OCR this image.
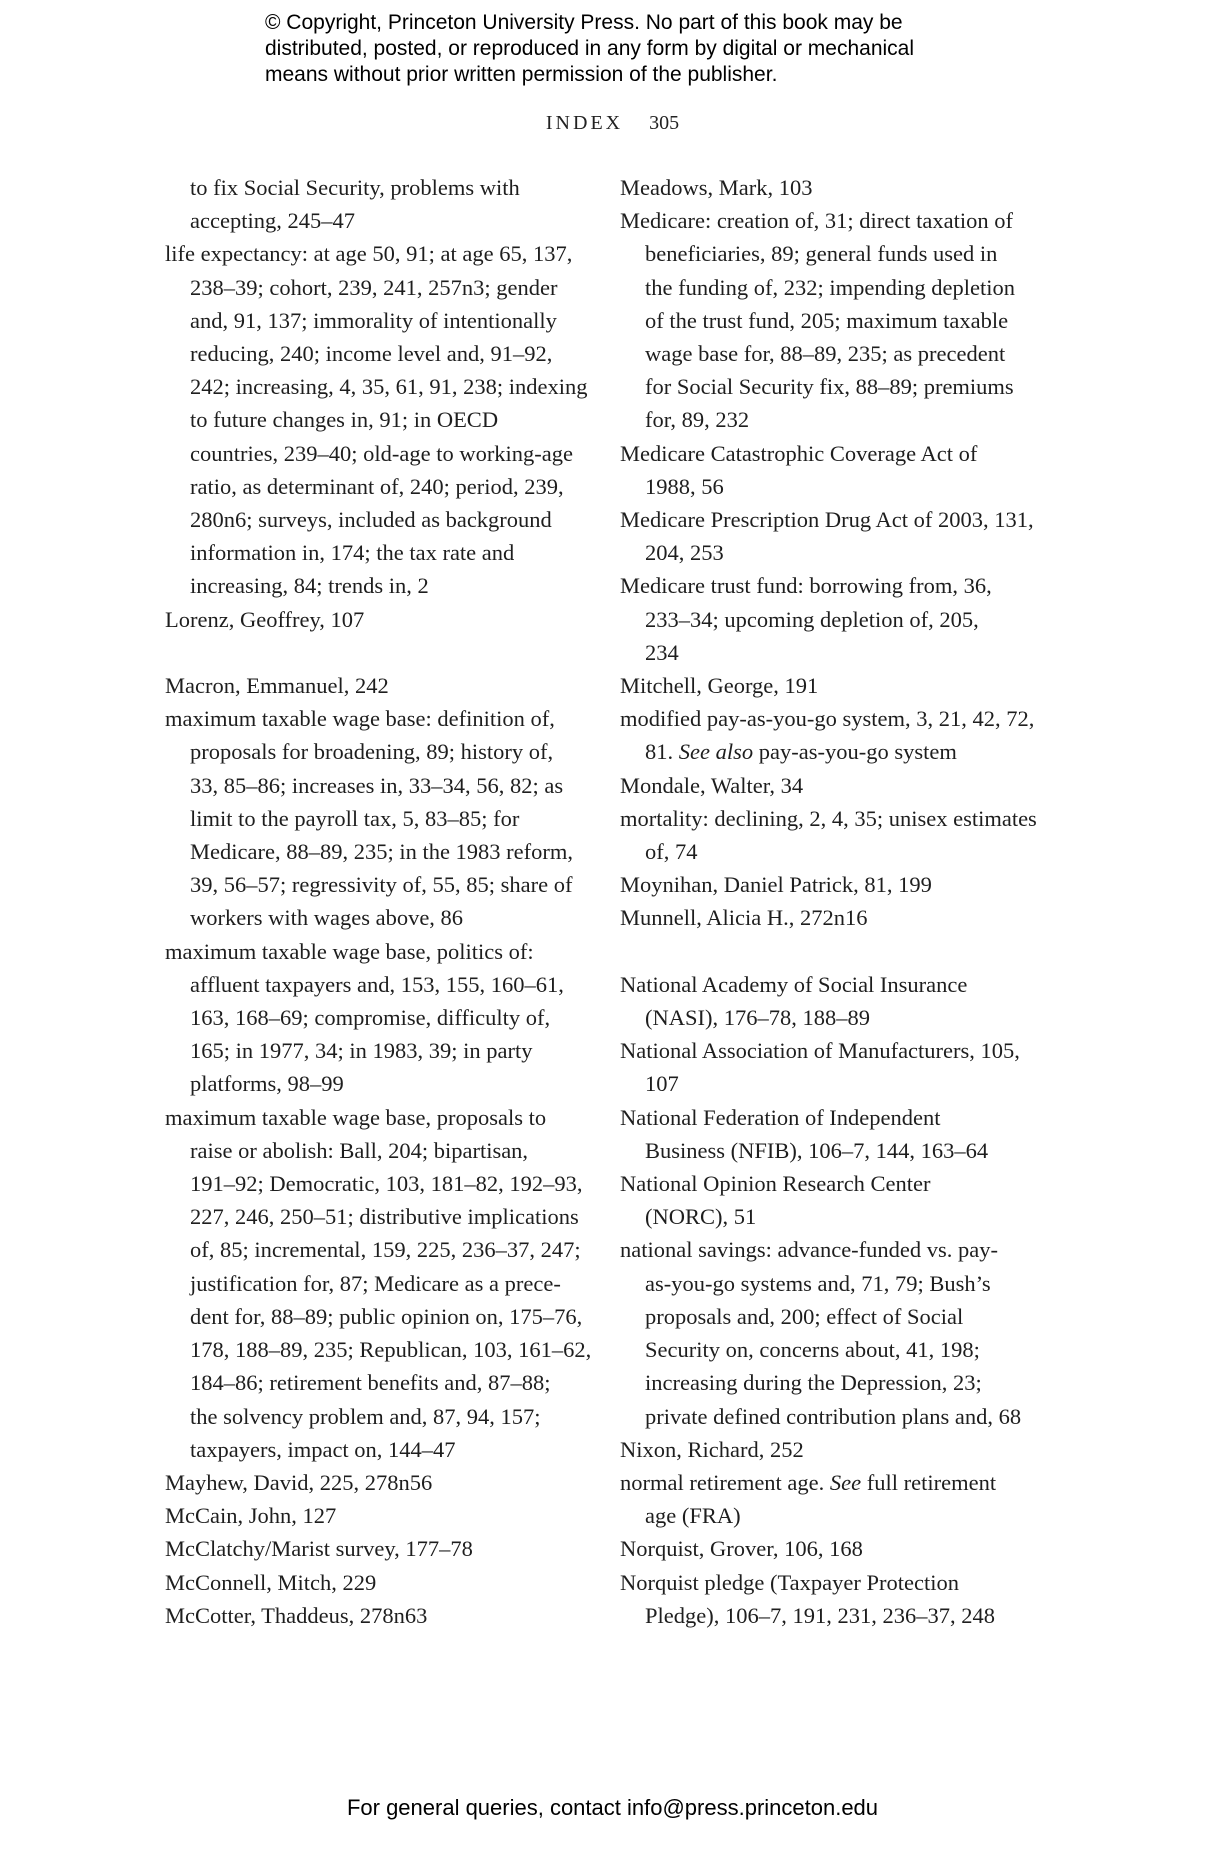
© Copyright, Princeton University Press. No part of this book may be
distributed, posted, or reproduced in any form by digital or mechanical
means without prior written permission of the publisher.
INDEX 305
to fix Social Security, problems with
accepting, 245–47
life expectancy: at age 50, 91; at age 65, 137,
238–39; cohort, 239, 241, 257n3; gender
and, 91, 137; immorality of intentionally
reducing, 240; income level and, 91–92,
242; increasing, 4, 35, 61, 91, 238; indexing
to future changes in, 91; in OECD
countries, 239–40; old-age to working-age
ratio, as determinant of, 240; period, 239,
280n6; surveys, included as background
information in, 174; the tax rate and
increasing, 84; trends in, 2
Lorenz, Geoffrey, 107
Macron, Emmanuel, 242
maximum taxable wage base: definition of,
proposals for broadening, 89; history of,
33, 85–86; increases in, 33–34, 56, 82; as
limit to the payroll tax, 5, 83–85; for
Medicare, 88–89, 235; in the 1983 reform,
39, 56–57; regressivity of, 55, 85; share of
workers with wages above, 86
maximum taxable wage base, politics of:
affluent taxpayers and, 153, 155, 160–61,
163, 168–69; compromise, difficulty of,
165; in 1977, 34; in 1983, 39; in party
platforms, 98–99
maximum taxable wage base, proposals to
raise or abolish: Ball, 204; bipartisan,
191–92; Democratic, 103, 181–82, 192–93,
227, 246, 250–51; distributive implications
of, 85; incremental, 159, 225, 236–37, 247;
justification for, 87; Medicare as a prece-
dent for, 88–89; public opinion on, 175–76,
178, 188–89, 235; Republican, 103, 161–62,
184–86; retirement benefits and, 87–88;
the solvency problem and, 87, 94, 157;
taxpayers, impact on, 144–47
Mayhew, David, 225, 278n56
McCain, John, 127
McClatchy/Marist survey, 177–78
McConnell, Mitch, 229
McCotter, Thaddeus, 278n63
Meadows, Mark, 103
Medicare: creation of, 31; direct taxation of
beneficiaries, 89; general funds used in
the funding of, 232; impending depletion
of the trust fund, 205; maximum taxable
wage base for, 88–89, 235; as precedent
for Social Security fix, 88–89; premiums
for, 89, 232
Medicare Catastrophic Coverage Act of
1988, 56
Medicare Prescription Drug Act of 2003, 131,
204, 253
Medicare trust fund: borrowing from, 36,
233–34; upcoming depletion of, 205,
234
Mitchell, George, 191
modified pay-as-you-go system, 3, 21, 42, 72,
81. See also pay-as-you-go system
Mondale, Walter, 34
mortality: declining, 2, 4, 35; unisex estimates
of, 74
Moynihan, Daniel Patrick, 81, 199
Munnell, Alicia H., 272n16
National Academy of Social Insurance
(NASI), 176–78, 188–89
National Association of Manufacturers, 105,
107
National Federation of Independent
Business (NFIB), 106–7, 144, 163–64
National Opinion Research Center
(NORC), 51
national savings: advance-funded vs. pay-
as-you-go systems and, 71, 79; Bush’s
proposals and, 200; effect of Social
Security on, concerns about, 41, 198;
increasing during the Depression, 23;
private defined contribution plans and, 68
Nixon, Richard, 252
normal retirement age. See full retirement
age (FRA)
Norquist, Grover, 106, 168
Norquist pledge (Taxpayer Protection
Pledge), 106–7, 191, 231, 236–37, 248
For general queries, contact info@press.princeton.edu
